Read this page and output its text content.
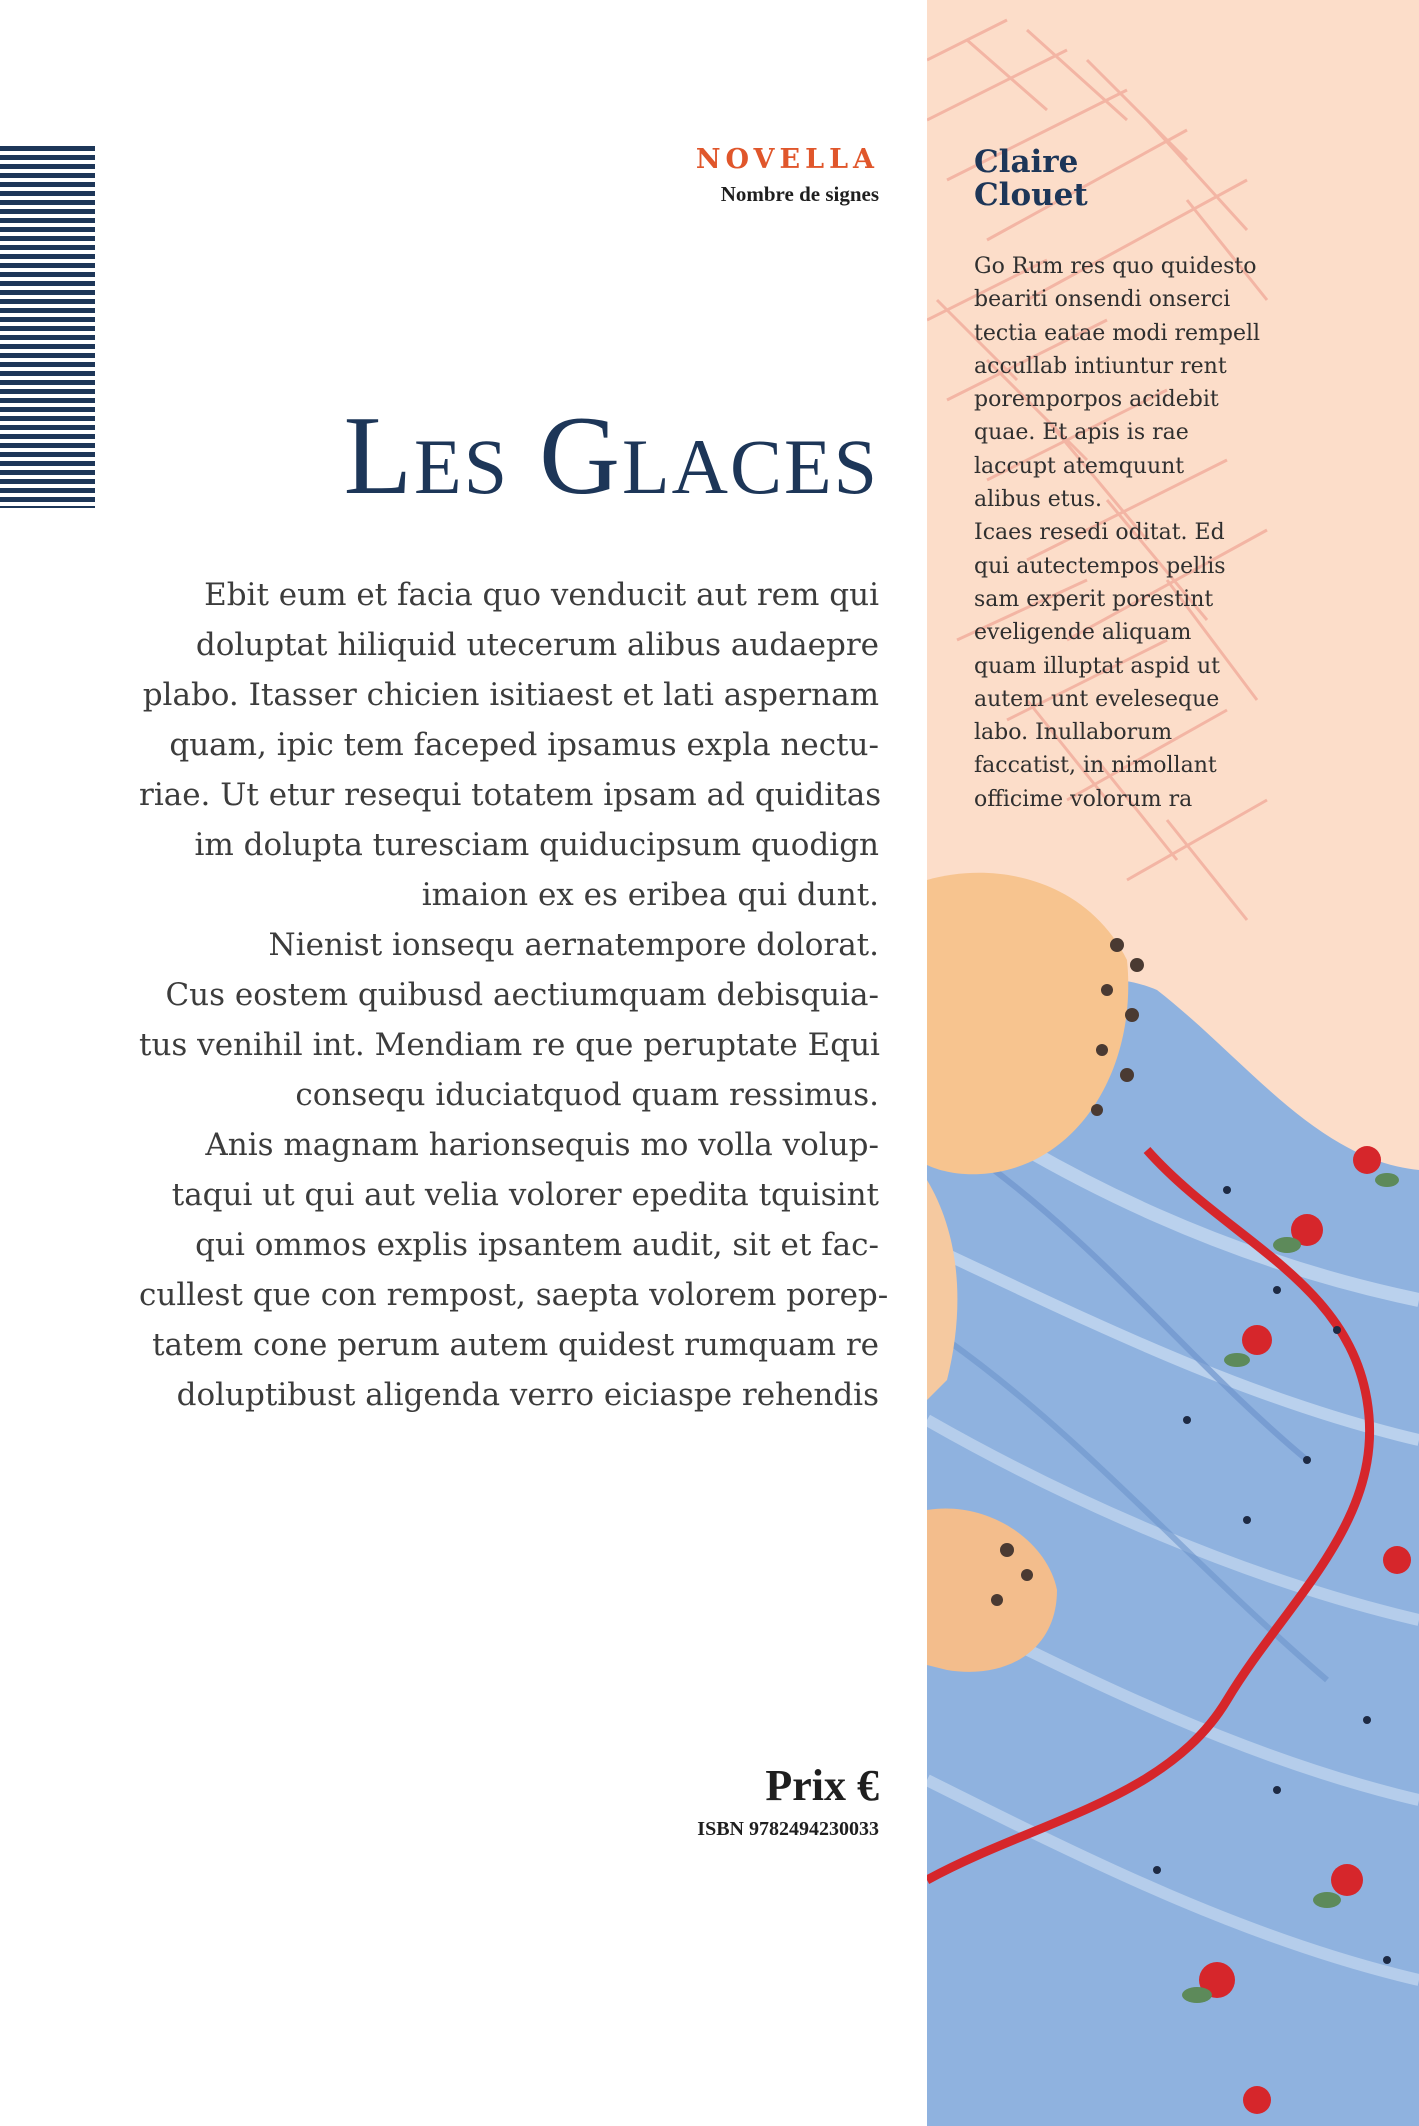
NOVELLA

Nombre de signes

Les Glaces
Ebit eum et facia quo venducit aut rem qui
doluptat hiliquid utecerum alibus audaepre
plabo. Itasser chicien isitiaest et lati aspernam
quam, ipic tem faceped ipsamus expla nectu-
riae. Ut etur resequi totatem ipsam ad quiditas
im dolupta turesciam quiducipsum quodign
imaion ex es eribea qui dunt.
Nienist ionsequ aernatempore dolorat.
Cus eostem quibusd aectiumquam debisquia-
tus venihil int. Mendiam re que peruptate Equi
consequ iduciatquod quam ressimus.
Anis magnam harionsequis mo volla volup-
taqui ut qui aut velia volorer epedita tquisint
qui ommos explis ipsantem audit, sit et fac-
cullest que con rempost, saepta volorem porep-
tatem cone perum autem quidest rumquam re
doluptibust aligenda verro eiciaspe rehendis

Prix €

ISBN 9782494230033

Claire
Clouet

Go Rum res quo quidesto
beariti onsendi onserci
tectia eatae modi rempell
accullab intiuntur rent
poremporpos acidebit
quae. Et apis is rae
laccupt atemquunt
alibus etus.
Icaes resedi oditat. Ed
qui autectempos pellis
sam experit porestint
eveligende aliquam
quam illuptat aspid ut
autem unt eveleseque
labo. Inullaborum
faccatist, in nimollant
officime volorum ra
